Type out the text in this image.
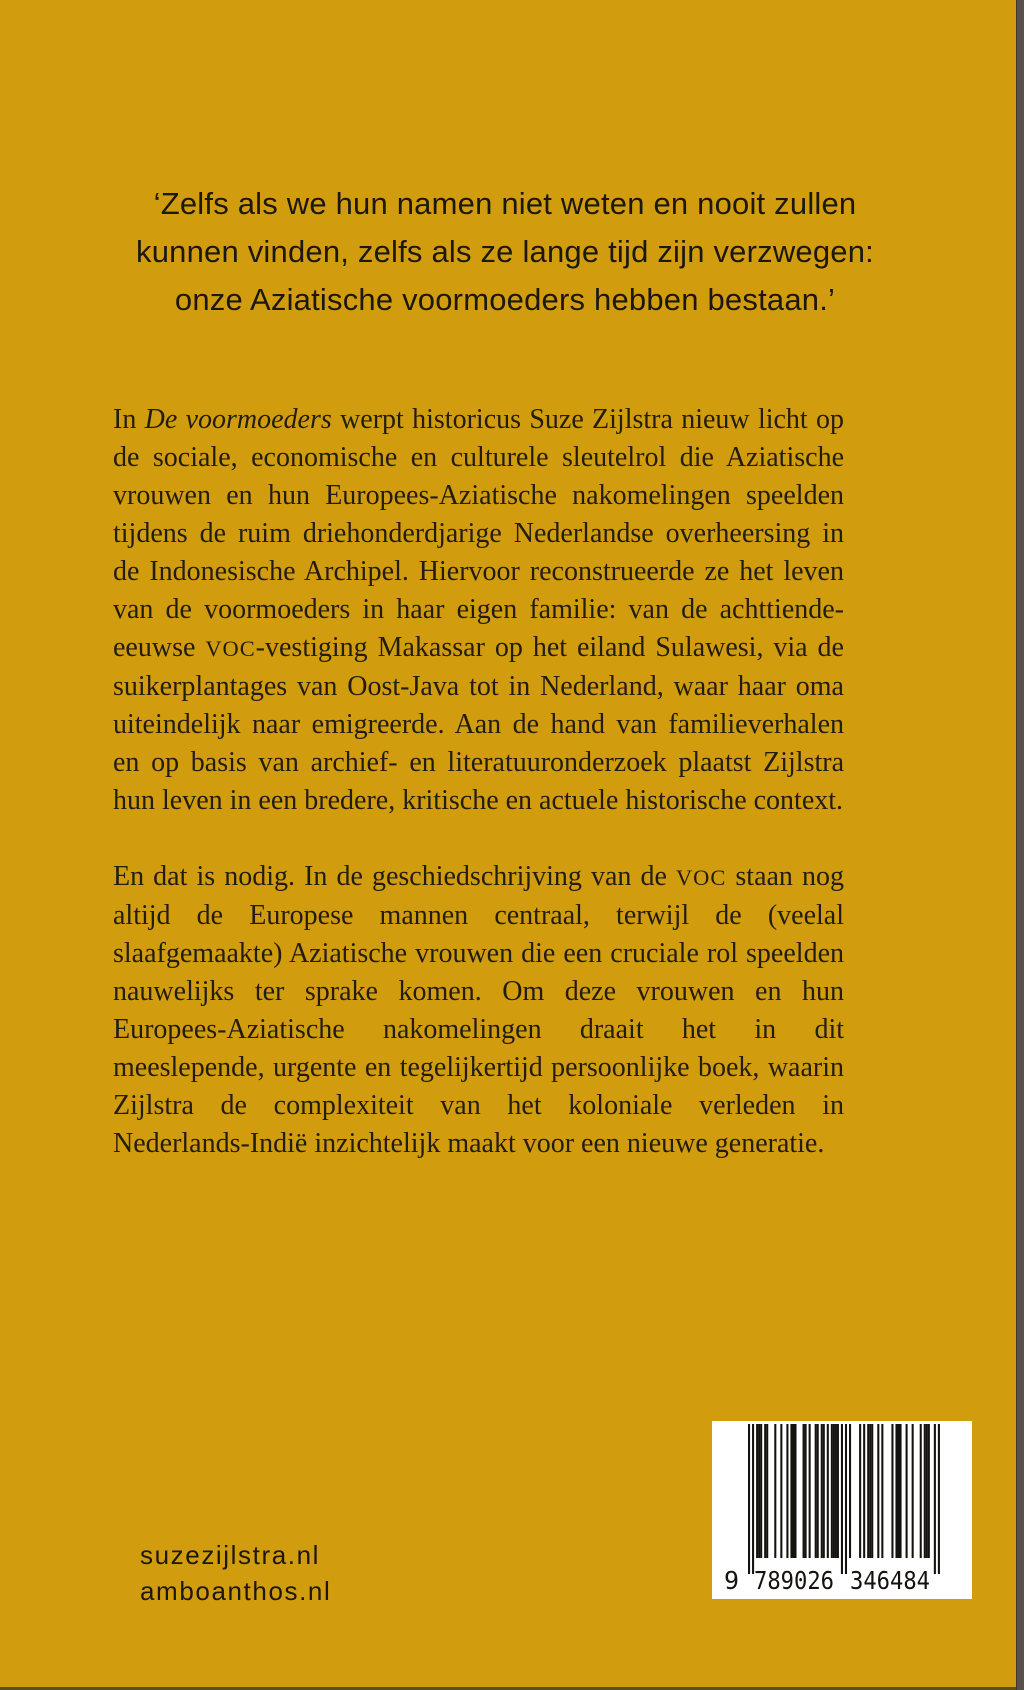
‘Zelfs als we hun namen niet weten en nooit zullen
kunnen vinden, zelfs als ze lange tijd zijn verzwegen:
onze Aziatische voormoeders hebben bestaan.’

In De voormoeders werpt historicus Suze Zijlstra nieuw licht op de sociale, economische en culturele sleutelrol die Aziatische vrouwen en hun Europees-Aziatische nakomelingen speelden tijdens de ruim driehonderdjarige Nederlandse overheersing in de Indonesische Archipel. Hiervoor reconstrueerde ze het leven van de voormoeders in haar eigen familie: van de achttiende-eeuwse VOC-vestiging Makassar op het eiland Sulawesi, via de suikerplantages van Oost-Java tot in Nederland, waar haar oma uiteindelijk naar emigreerde. Aan de hand van familieverhalen en op basis van archief- en literatuuronderzoek plaatst Zijlstra hun leven in een bredere, kritische en actuele historische context.

En dat is nodig. In de geschiedschrijving van de VOC staan nog altijd de Europese mannen centraal, terwijl de (veelal slaafgemaakte) Aziatische vrouwen die een cruciale rol speelden nauwelijks ter sprake komen. Om deze vrouwen en hun Europees-Aziatische nakomelingen draait het in dit meeslepende, urgente en tegelijkertijd persoonlijke boek, waarin Zijlstra de complexiteit van het koloniale verleden in Nederlands-Indië inzichtelijk maakt voor een nieuwe generatie.

suzezijlstra.nl
amboanthos.nl	9 789026 346484
